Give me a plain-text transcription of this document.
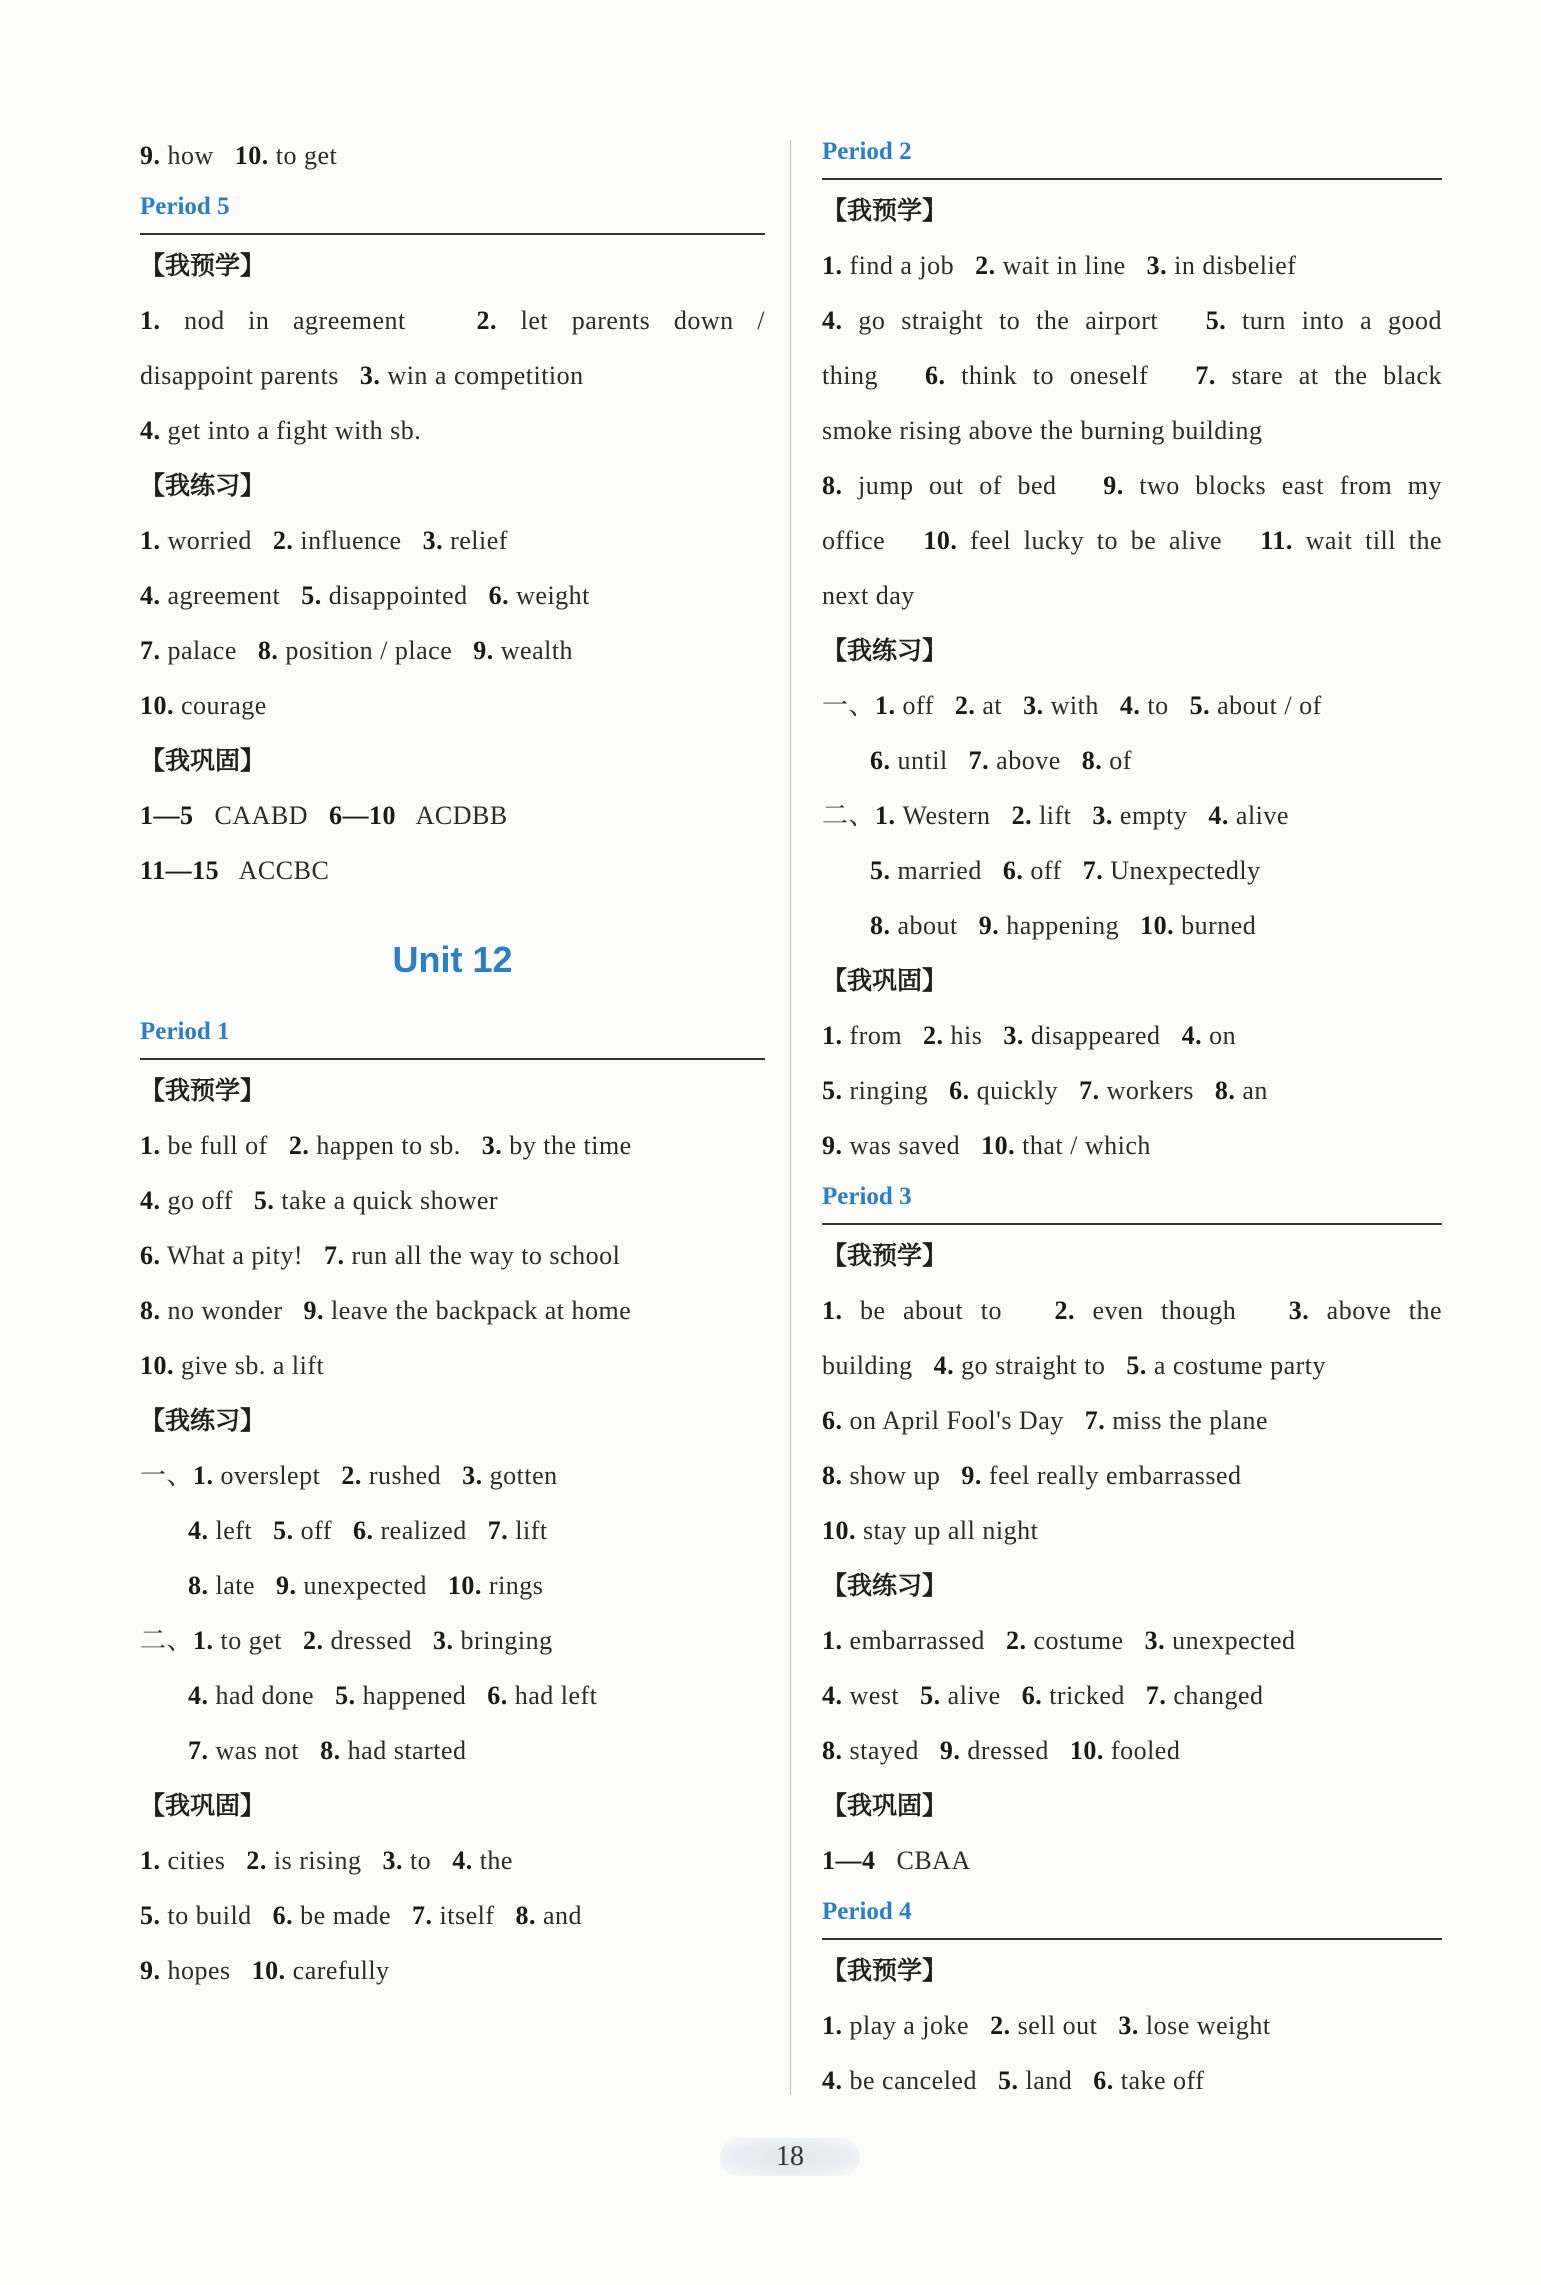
9. how   10. to get
Period 5
【我预学】
1. nod in agreement   2. let parents down /
disappoint parents   3. win a competition
4. get into a fight with sb.
【我练习】
1. worried   2. influence   3. relief
4. agreement   5. disappointed   6. weight
7. palace   8. position / place   9. wealth
10. courage
【我巩固】
1—5   CAABD   6—10   ACDBB
11—15   ACCBC
Unit 12
Period 1
【我预学】
1. be full of   2. happen to sb.   3. by the time
4. go off   5. take a quick shower
6. What a pity!   7. run all the way to school
8. no wonder   9. leave the backpack at home
10. give sb. a lift
【我练习】
一、1. overslept   2. rushed   3. gotten
4. left   5. off   6. realized   7. lift
8. late   9. unexpected   10. rings
二、1. to get   2. dressed   3. bringing
4. had done   5. happened   6. had left
7. was not   8. had started
【我巩固】
1. cities   2. is rising   3. to   4. the
5. to build   6. be made   7. itself   8. and
9. hopes   10. carefully
Period 2
【我预学】
1. find a job   2. wait in line   3. in disbelief
4. go straight to the airport   5. turn into a good
thing   6. think to oneself   7. stare at the black
smoke rising above the burning building
8. jump out of bed   9. two blocks east from my
office   10. feel lucky to be alive   11. wait till the
next day
【我练习】
一、1. off   2. at   3. with   4. to   5. about / of
6. until   7. above   8. of
二、1. Western   2. lift   3. empty   4. alive
5. married   6. off   7. Unexpectedly
8. about   9. happening   10. burned
【我巩固】
1. from   2. his   3. disappeared   4. on
5. ringing   6. quickly   7. workers   8. an
9. was saved   10. that / which
Period 3
【我预学】
1. be about to   2. even though   3. above the
building   4. go straight to   5. a costume party
6. on April Fool's Day   7. miss the plane
8. show up   9. feel really embarrassed
10. stay up all night
【我练习】
1. embarrassed   2. costume   3. unexpected
4. west   5. alive   6. tricked   7. changed
8. stayed   9. dressed   10. fooled
【我巩固】
1—4   CBAA
Period 4
【我预学】
1. play a joke   2. sell out   3. lose weight
4. be canceled   5. land   6. take off
18
